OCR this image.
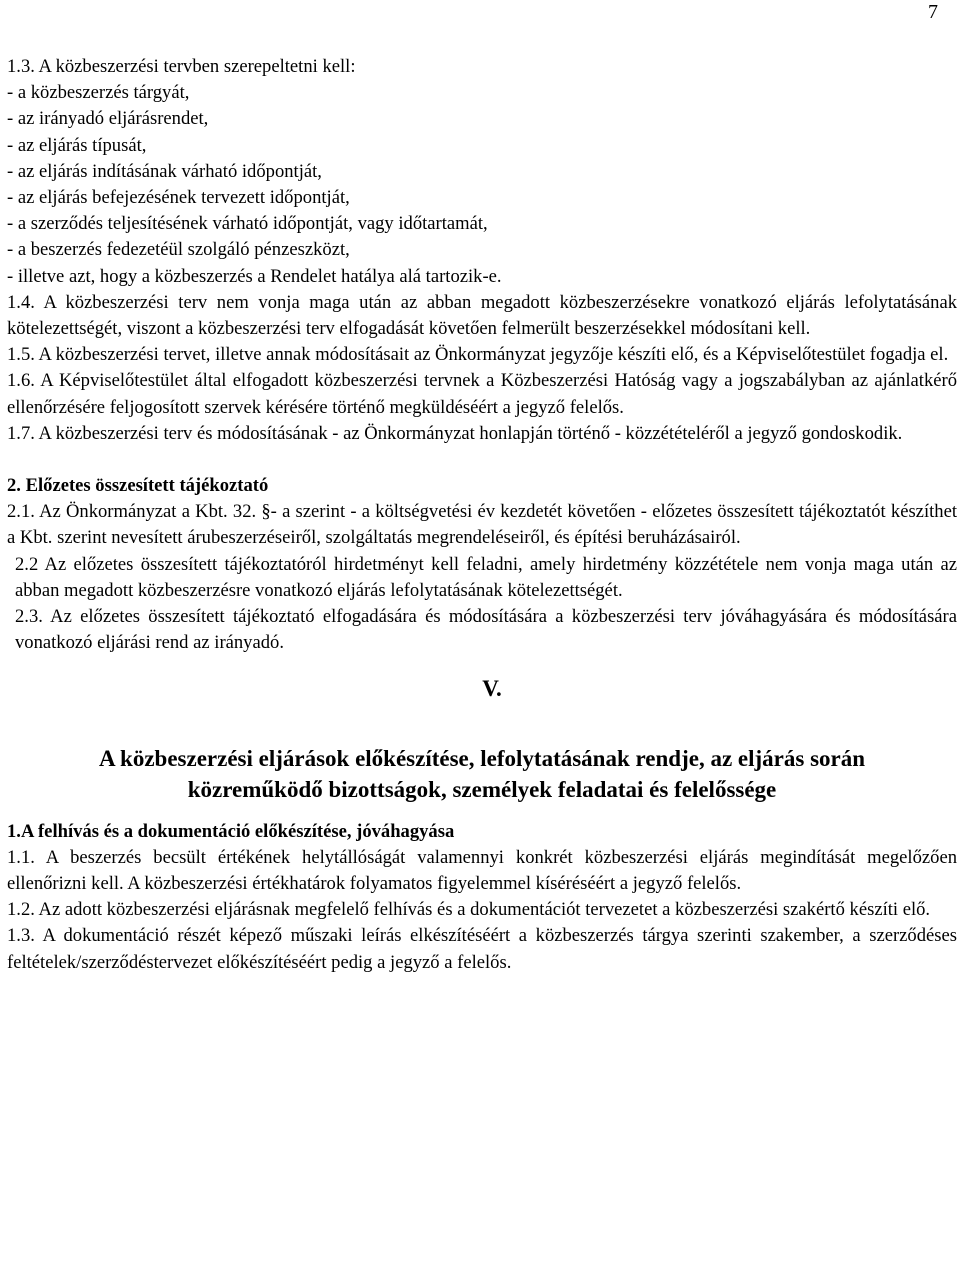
7
1.3. A közbeszerzési tervben szerepeltetni kell:
- a közbeszerzés tárgyát,
- az irányadó eljárásrendet,
- az eljárás típusát,
- az eljárás indításának várható időpontját,
- az eljárás befejezésének tervezett időpontját,
- a szerződés teljesítésének várható időpontját, vagy időtartamát,
- a beszerzés fedezetéül szolgáló pénzeszközt,
- illetve azt, hogy a közbeszerzés a Rendelet hatálya alá tartozik-e.

1.4. A közbeszerzési terv nem vonja maga után az abban megadott közbeszerzésekre vonatkozó eljárás lefolytatásának kötelezettségét, viszont a közbeszerzési terv elfogadását követően felmerült beszerzésekkel módosítani kell.

1.5. A közbeszerzési tervet, illetve annak módosításait az Önkormányzat jegyzője készíti elő, és a Képviselőtestület fogadja el.

1.6. A Képviselőtestület által elfogadott közbeszerzési tervnek a Közbeszerzési Hatóság vagy a jogszabályban az ajánlatkérő ellenőrzésére feljogosított szervek kérésére történő megküldéséért a jegyző felelős.

1.7. A közbeszerzési terv és módosításának - az Önkormányzat honlapján történő - közzétételéről a jegyző gondoskodik.

2. Előzetes összesített tájékoztató

2.1. Az Önkormányzat a Kbt. 32. §- a szerint - a költségvetési év kezdetét követően - előzetes összesített tájékoztatót készíthet a Kbt. szerint nevesített árubeszerzéseiről, szolgáltatás megrendeléseiről, és építési beruházásairól.

2.2 Az előzetes összesített tájékoztatóról hirdetményt kell feladni, amely hirdetmény közzététele nem vonja maga után az abban megadott közbeszerzésre vonatkozó eljárás lefolytatásának kötelezettségét.

2.3. Az előzetes összesített tájékoztató elfogadására és módosítására a közbeszerzési terv jóváhagyására és módosítására vonatkozó eljárási rend az irányadó.

V.
A közbeszerzési eljárások előkészítése, lefolytatásának rendje, az eljárás során
közreműködő bizottságok, személyek feladatai és felelőssége
1.A felhívás és a dokumentáció előkészítése, jóváhagyása

1.1. A beszerzés becsült értékének helytállóságát valamennyi konkrét közbeszerzési eljárás megindítását megelőzően ellenőrizni kell. A közbeszerzési értékhatárok folyamatos figyelemmel kíséréséért a jegyző felelős.

1.2. Az adott közbeszerzési eljárásnak megfelelő felhívás és a dokumentációt tervezetet a közbeszerzési szakértő készíti elő.

1.3. A dokumentáció részét képező műszaki leírás elkészítéséért a közbeszerzés tárgya szerinti szakember, a szerződéses feltételek/szerződéstervezet előkészítéséért pedig a jegyző a felelős.
